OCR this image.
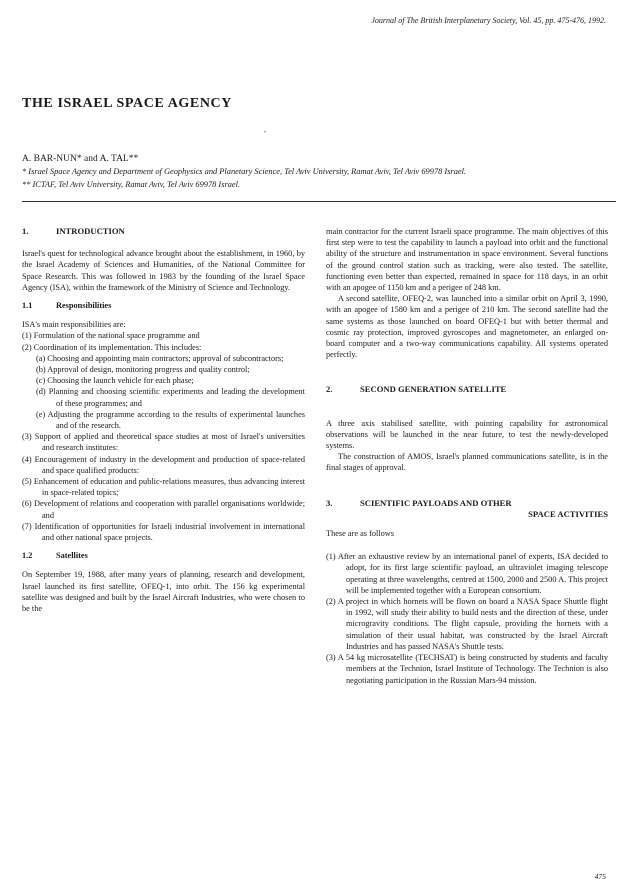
Journal of The British Interplanetary Society, Vol. 45, pp. 475-476, 1992.
THE ISRAEL SPACE AGENCY
•
A. BAR-NUN* and A. TAL**
* Israel Space Agency and Department of Geophysics and Planetary Science, Tel Aviv University, Ramat Aviv, Tel Aviv 69978 Israel.
** ICTAF, Tel Aviv University, Ramat Aviv, Tel Aviv 69978 Israel.
1.	INTRODUCTION

Israel's quest for technological advance brought about the establishment, in 1960, by the Israel Academy of Sciences and Humanities, of the National Committee for Space Research. This was followed in 1983 by the founding of the Israel Space Agency (ISA), within the framework of the Ministry of Science and Technology.

1.1	Responsibilities

ISA's main responsibilities are:

(1) Formulation of the national space programme and

(2) Coordination of its implementation. This includes:

(a) Choosing and appointing main contractors; approval of subcontractors;

(b) Approval of design, monitoring progress and quality control;

(c) Choosing the launch vehicle for each phase;

(d) Planning and choosing scientific experiments and leading the development of these programmes; and

(e) Adjusting the programme according to the results of experimental launches and of the research.

(3) Support of applied and theoretical space studies at most of Israel's universities and research institutes:

(4) Encouragement of industry in the development and production of space-related and space qualified products:

(5) Enhancement of education and public-relations measures, thus advancing interest in space-related topics;

(6) Development of relations and cooperation with parallel organisations worldwide; and

(7) Identification of opportunities for Israeli industrial involvement in international and other national space projects.

1.2	Satellites

On September 19, 1988, after many years of planning, research and development, Israel launched its first satellite, OFEQ-1, into orbit. The 156 kg experimental satellite was designed and built by the Israel Aircraft Industries, who were chosen to be the

main contractor for the current Israeli space programme. The main objectives of this first step were to test the capability to launch a payload into orbit and the functional ability of the structure and instrumentation in space environment. Several functions of the ground control station such as tracking, were also tested. The satellite, functioning even better than expected, remained in space for 118 days, in an orbit with an apogee of 1150 km and a perigee of 248 km.

A second satellite, OFEQ-2, was launched into a similar orbit on April 3, 1990, with an apogee of 1580 km and a perigee of 210 km. The second satellite had the same systems as those launched on board OFEQ-1 but with better thermal and cosmic ray protection, improved gyroscopes and magnetometer, an enlarged on-board computer and a two-way communications capability. All systems operated perfectly.

2.	SECOND GENERATION SATELLITE

A three axis stabilised satellite, with pointing capability for astronomical observations will be launched in the near future, to test the newly-developed systems.

The construction of AMOS, Israel's planned communications satellite, is in the final stages of approval.

3.	SCIENTIFIC PAYLOADS AND OTHER
SPACE ACTIVITIES

These are as follows

(1) After an exhaustive review by an international panel of experts, ISA decided to adopt, for its first large scientific payload, an ultraviolet imaging telescope operating at three wavelengths, centred at 1500, 2000 and 2500 A. This project will be implemented together with a European consortium.

(2) A project in which hornets will be flown on board a NASA Space Shuttle flight in 1992, will study their ability to build nests and the direction of these, under microgravity conditions. The flight capsule, providing the hornets with a simulation of their usual habitat, was constructed by the Israel Aircraft Industries and has passed NASA's Shuttle tests.

(3) A 54 kg microsatellite (TECHSAT) is being constructed by students and faculty members at the Technion, Israel Institute of Technology. The Technion is also negotiating participation in the Russian Mars-94 mission.

475
